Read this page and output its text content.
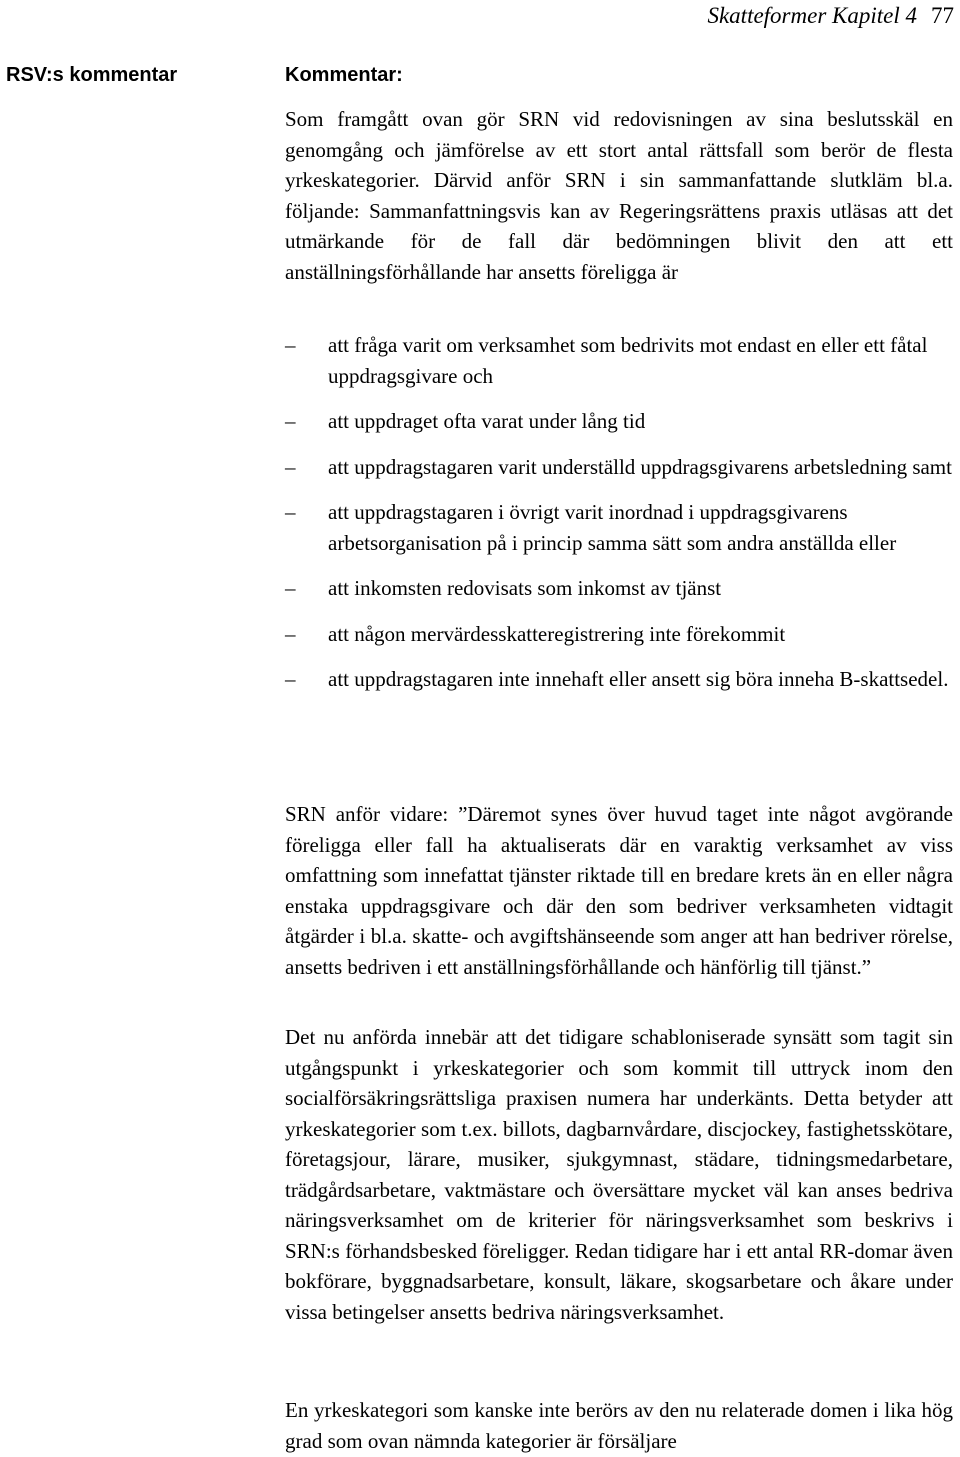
Skatteformer Kapitel 4 77
RSV:s kommentar	Kommentar:

Som framgått ovan gör SRN vid redovisningen av sina beslutsskäl en genomgång och jämförelse av ett stort antal rättsfall som berör de flesta yrkeskategorier. Därvid anför SRN i sin sammanfattande slutkläm bl.a. följande: Sammanfattningsvis kan av Regeringsrättens praxis utläsas att det utmärkande för de fall där bedömningen blivit den att ett anställningsförhållande har ansetts föreligga är

–	att fråga varit om verksamhet som bedrivits mot endast en eller ett fåtal uppdragsgivare och
–	att uppdraget ofta varat under lång tid
–	att uppdragstagaren varit underställd uppdragsgivarens arbetsledning samt
–	att uppdragstagaren i övrigt varit inordnad i uppdragsgivarens arbetsorganisation på i princip samma sätt som andra anställda eller
–	att inkomsten redovisats som inkomst av tjänst
–	att någon mervärdesskatteregistrering inte förekommit
–	att uppdragstagaren inte innehaft eller ansett sig böra inneha B-skattsedel.

SRN anför vidare: ”Däremot synes över huvud taget inte något avgörande föreligga eller fall ha aktualiserats där en varaktig verksamhet av viss omfattning som innefattat tjänster riktade till en bredare krets än en eller några enstaka uppdragsgivare och där den som bedriver verksamheten vidtagit åtgärder i bl.a. skatte- och avgiftshänseende som anger att han bedriver rörelse, ansetts bedriven i ett anställningsförhållande och hänförlig till tjänst.”

Det nu anförda innebär att det tidigare schabloniserade synsätt som tagit sin utgångspunkt i yrkeskategorier och som kommit till uttryck inom den socialförsäkringsrättsliga praxisen numera har underkänts. Detta betyder att yrkeskategorier som t.ex. billots, dagbarnvårdare, discjockey, fastighetsskötare, företagsjour, lärare, musiker, sjukgymnast, städare, tidningsmedarbetare, trädgårdsarbetare, vaktmästare och översättare mycket väl kan anses bedriva näringsverksamhet om de kriterier för näringsverksamhet som beskrivs i SRN:s förhandsbesked föreligger. Redan tidigare har i ett antal RR-domar även bokförare, byggnadsarbetare, konsult, läkare, skogsarbetare och åkare under vissa betingelser ansetts bedriva näringsverksamhet.

En yrkeskategori som kanske inte berörs av den nu relaterade domen i lika hög grad som ovan nämnda kategorier är försäljare
